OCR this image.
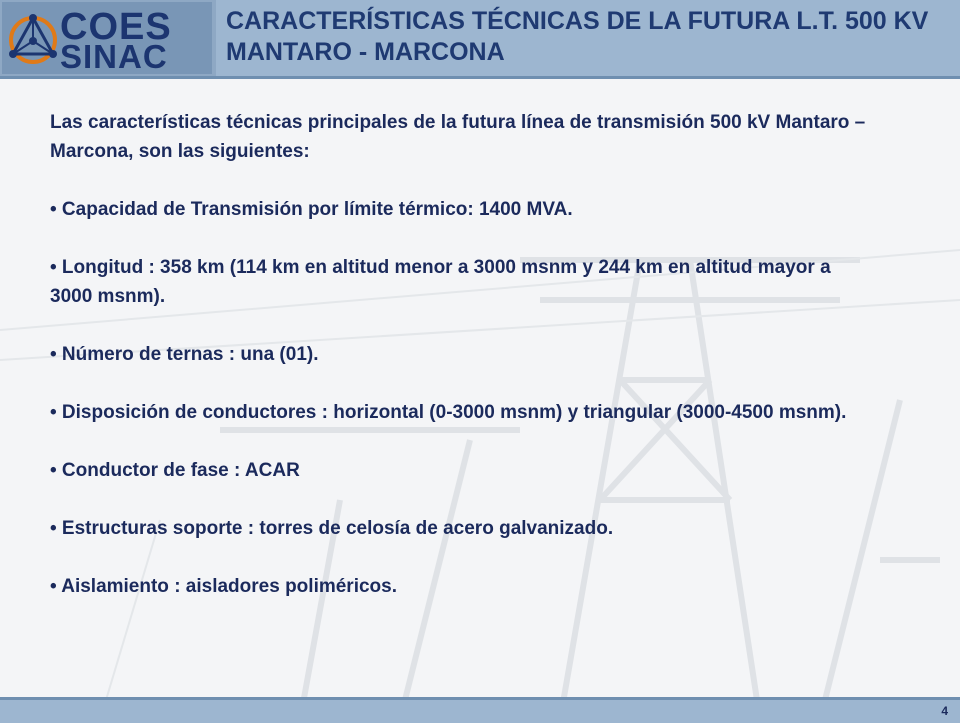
COES
SINAC
CARACTERÍSTICAS TÉCNICAS DE LA FUTURA L.T. 500 KV MANTARO - MARCONA

Las características técnicas principales de la futura línea de transmisión 500 kV Mantaro – Marcona, son las siguientes:

• Capacidad de Transmisión por límite térmico: 1400 MVA.

• Longitud : 358 km (114 km en altitud menor a 3000 msnm y 244 km en altitud mayor a 3000 msnm).

• Número de ternas : una (01).

• Disposición de conductores : horizontal (0-3000 msnm) y triangular (3000-4500 msnm).

• Conductor de fase : ACAR

• Estructuras soporte : torres de celosía de acero galvanizado.

• Aislamiento : aisladores poliméricos.

4
